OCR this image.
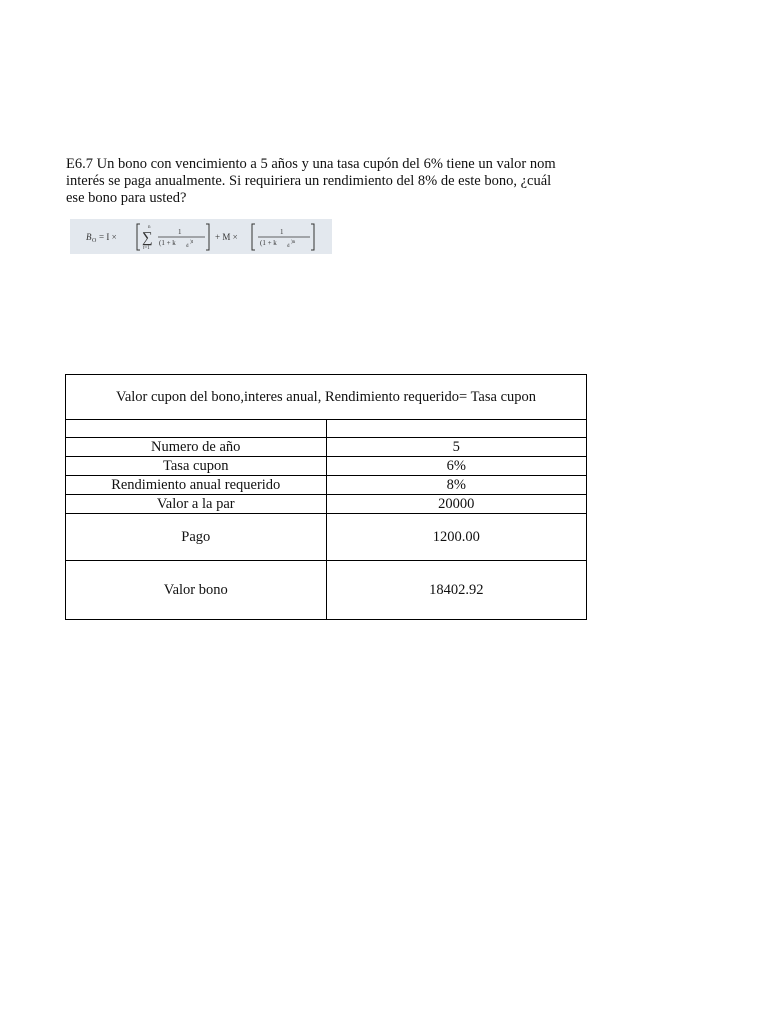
E6.7 Un bono con vencimiento a 5 años y una tasa cupón del 6% tiene un valor nom
interés se paga anualmente. Si requiriera un rendimiento del 8% de este bono, ¿cuál
ese bono para usted?
B O = I ×
n
∑
t=1
1
(1 + k d
)t
+ M ×	1
(1 + k d
)n
Valor cupon del bono,interes anual, Rendimiento requerido= Tasa cupon	

Numero de año	5
Tasa cupon	6%
Rendimiento anual requerido	8%
Valor a la par	20000
Pago	1200.00
Valor bono	18402.92
